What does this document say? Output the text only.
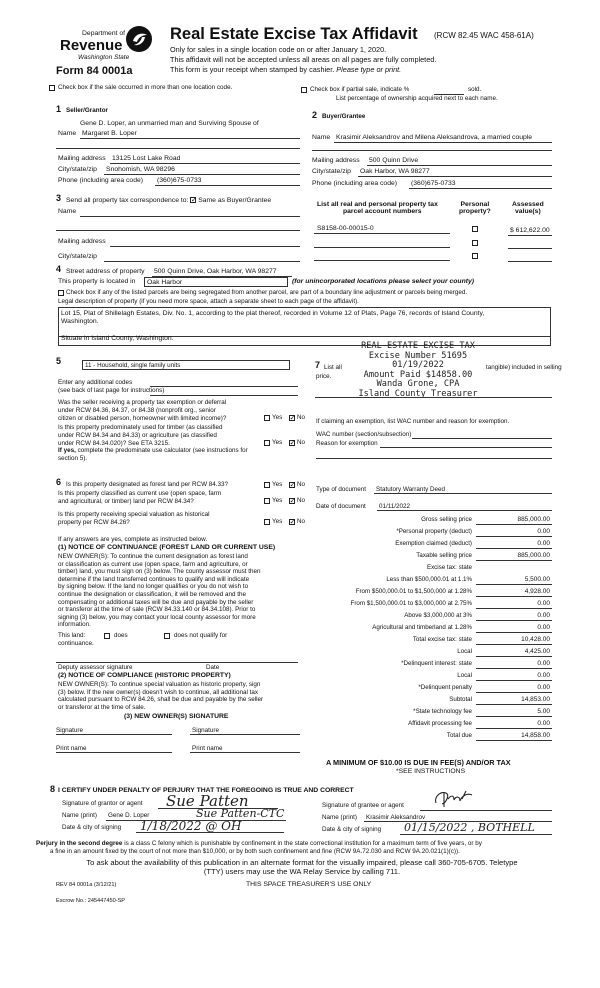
Department of
Revenue
Washington State
Form 84 0001a
Real Estate Excise Tax Affidavit (RCW 82.45 WAC 458-61A)
Only for sales in a single location code on or after January 1, 2020.
This affidavit will not be accepted unless all areas on all pages are fully completed.
This form is your receipt when stamped by cashier. Please type or print.
Check box if the sale occurred in more than one location code.	Check box if partial sale, indicate %	sold.
List percentage of ownership acquired next to each name.
1 Seller/Grantor
Gene D. Loper, an unmarried man and Surviving Spouse of
Name Margaret B. Loper
Mailing address 13125 Lost Lake Road
City/state/zip Snohomish, WA 98296
Phone (including area code) (360)675-0733
2 Buyer/Grantee
Name Krasimir Aleksandrov and Milena Aleksandrova, a married couple
Mailing address 500 Quinn Drive
City/state/zip Oak Harbor, WA 98277
Phone (including area code) (360)675-0733
3 Send all property tax correspondence to: ✓ Same as Buyer/Grantee
Name
Mailing address
City/state/zip
List all real and personal property tax
parcel account numbers
Personal
property?
Assessed
value(s)
S8158-00-00015-0	$ 612,622.00
4 Street address of property 500 Quinn Drive, Oak Harbor, WA 98277
This property is located in Oak Harbor	(for unincorporated locations please select your county)
Check box if any of the listed parcels are being segregated from another parcel, are part of a boundary line adjustment or parcels being merged.
Legal description of property (if you need more space, attach a separate sheet to each page of the affidavit).
Lot 15, Plat of Shillelagh Estates, Div. No. 1, according to the plat thereof, recorded in Volume 12 of Plats, Page 76, records of Island County,
Washington.
Situate in Island County, Washington.
REAL ESTATE EXCISE TAX
Excise Number 51695
01/19/2022
Amount Paid $14858.00
Wanda Grone, CPA
Island County Treasurer
5	11 - Household, single family units
Enter any additional codes
(see back of last page for instructions)
Was the seller receiving a property tax exemption or deferral
under RCW 84.36, 84.37, or 84.38 (nonprofit org., senior
citizen or disabled person, homeowner with limited income)?	Yes ✓ No
Is this property predominately used for timber (as classified
under RCW 84.34 and 84.33) or agriculture (as classified
under RCW 84.34.020)? See ETA 3215.	Yes ✓ No
If yes, complete the predominate use calculator (see instructions for
section 5).
7 List all
price.
tangible) included in selling
If claiming an exemption, list WAC number and reason for exemption.
WAC number (section/subsection)
Reason for exemption
6 Is this property designated as forest land per RCW 84.33?	Yes ✓ No
Is this property classified as current use (open space, farm
and agricultural, or timber) land per RCW 84.34?	Yes ✓ No
Is this property receiving special valuation as historical
property per RCW 84.26?	Yes ✓ No
If any answers are yes, complete as instructed below.
(1) NOTICE OF CONTINUANCE (FOREST LAND OR CURRENT USE)
NEW OWNER(S): To continue the current designation as forest land
or classification as current use (open space, farm and agriculture, or
timber) land, you must sign on (3) below. The county assessor must then
determine if the land transferred continues to qualify and will indicate
by signing below. If the land no longer qualifies or you do not wish to
continue the designation or classification, it will be removed and the
compensating or additional taxes will be due and payable by the seller
or transferor at the time of sale (RCW 84.33.140 or 84.34.108). Prior to
signing (3) below, you may contact your local county assessor for more
information.
This land:	does	does not qualify for
continuance.
Deputy assessor signature	Date
(2) NOTICE OF COMPLIANCE (HISTORIC PROPERTY)
NEW OWNER(S): To continue special valuation as historic property, sign
(3) below. If the new owner(s) doesn't wish to continue, all additional tax
calculated pursuant to RCW 84.26, shall be due and payable by the seller
or transferor at the time of sale.
(3) NEW OWNER(S) SIGNATURE
Signature	Signature
Print name	Print name
Type of document Statutory Warranty Deed
Date of document 01/11/2022
Gross selling price	885,000.00
*Personal property (deduct)	0.00
Exemption claimed (deduct)	0.00
Taxable selling price	885,000.00
Excise tax: state
Less than $500,000.01 at 1.1%	5,500.00
From $500,000.01 to $1,500,000 at 1.28%	4,928.00
From $1,500,000.01 to $3,000,000 at 2.75%	0.00
Above $3,000,000 at 3%	0.00
Agricultural and timberland at 1.28%	0.00
Total excise tax: state	10,428.00
Local	4,425.00
*Delinquent interest: state	0.00
Local	0.00
*Delinquent penalty	0.00
Subtotal	14,853.00
*State technology fee	5.00
Affidavit processing fee	0.00
Total due	14,858.00
A MINIMUM OF $10.00 IS DUE IN FEE(S) AND/OR TAX
*SEE INSTRUCTIONS
8 I CERTIFY UNDER PENALTY OF PERJURY THAT THE FOREGOING IS TRUE AND CORRECT
Signature of grantor or agent Sue Patten
Name (print) Gene D. Loper	Sue Patten-CTC
Date & city of signing 1/18/2022 @ OH
Signature of grantee or agent
Name (print) Krasimir Aleksandrov
Date & city of signing 01/15/2022 , BOTHELL
Perjury in the second degree is a class C felony which is punishable by confinement in the state correctional institution for a maximum term of five years, or by
a fine in an amount fixed by the court of not more than $10,000, or by both such confinement and fine (RCW 9A.72.030 and RCW 9A.20.021(1)(c)).
To ask about the availability of this publication in an alternate format for the visually impaired, please call 360-705-6705. Teletype
(TTY) users may use the WA Relay Service by calling 711.
REV 84 0001a (3/12/21)	THIS SPACE TREASURER'S USE ONLY
Escrow No.: 245447450-SP
